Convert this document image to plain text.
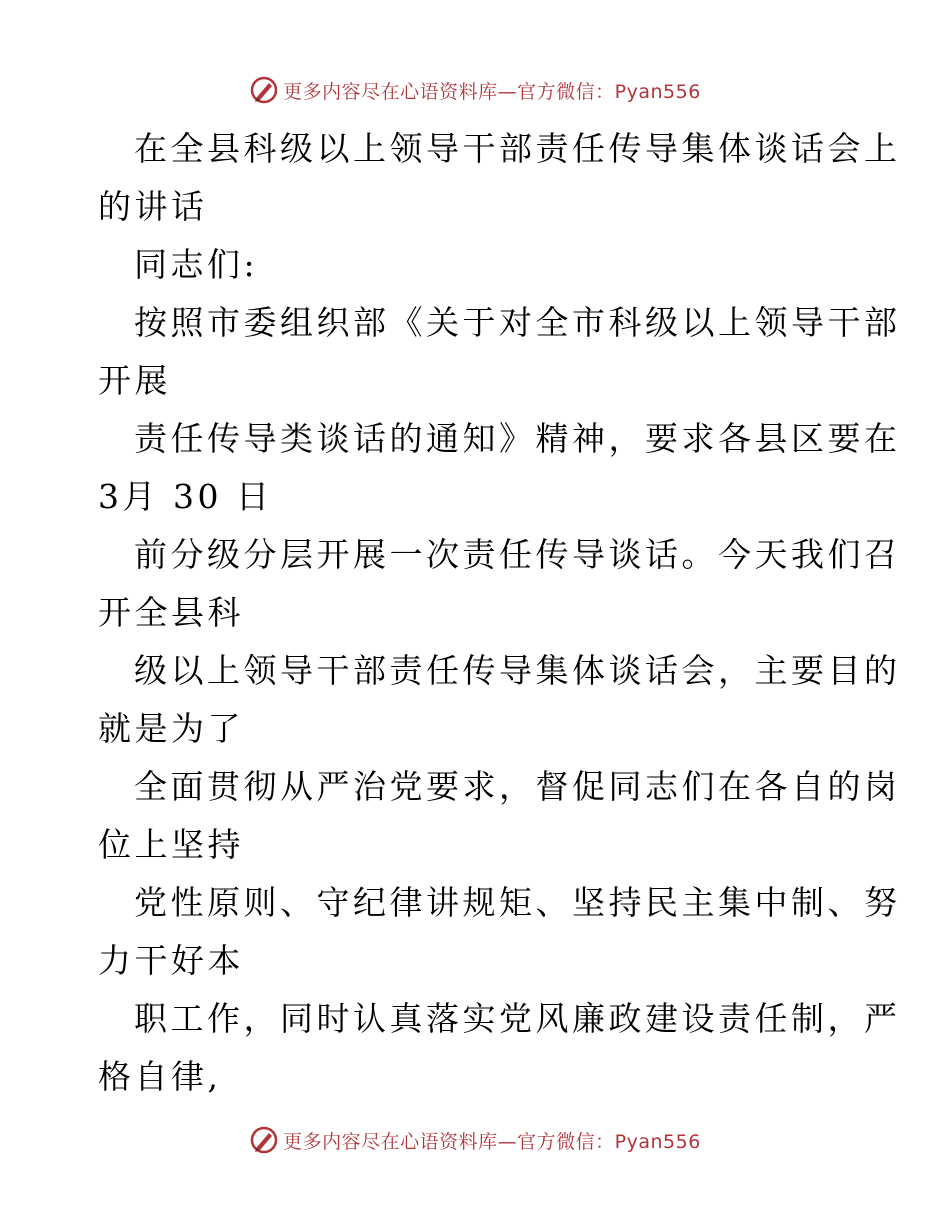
更多内容尽在心语资料库—官方微信：Pyan556
在全县科级以上领导干部责任传导集体谈话会上
的讲话
同志们:
按照市委组织部《关于对全市科级以上领导干部
开展
责任传导类谈话的通知》精神，要求各县区要在
3月 30 日
前分级分层开展一次责任传导谈话。今天我们召
开全县科
级以上领导干部责任传导集体谈话会，主要目的
就是为了
全面贯彻从严治党要求，督促同志们在各自的岗
位上坚持
党性原则、守纪律讲规矩、坚持民主集中制、努
力干好本
职工作，同时认真落实党风廉政建设责任制，严
格自律,
更多内容尽在心语资料库—官方微信：Pyan556
